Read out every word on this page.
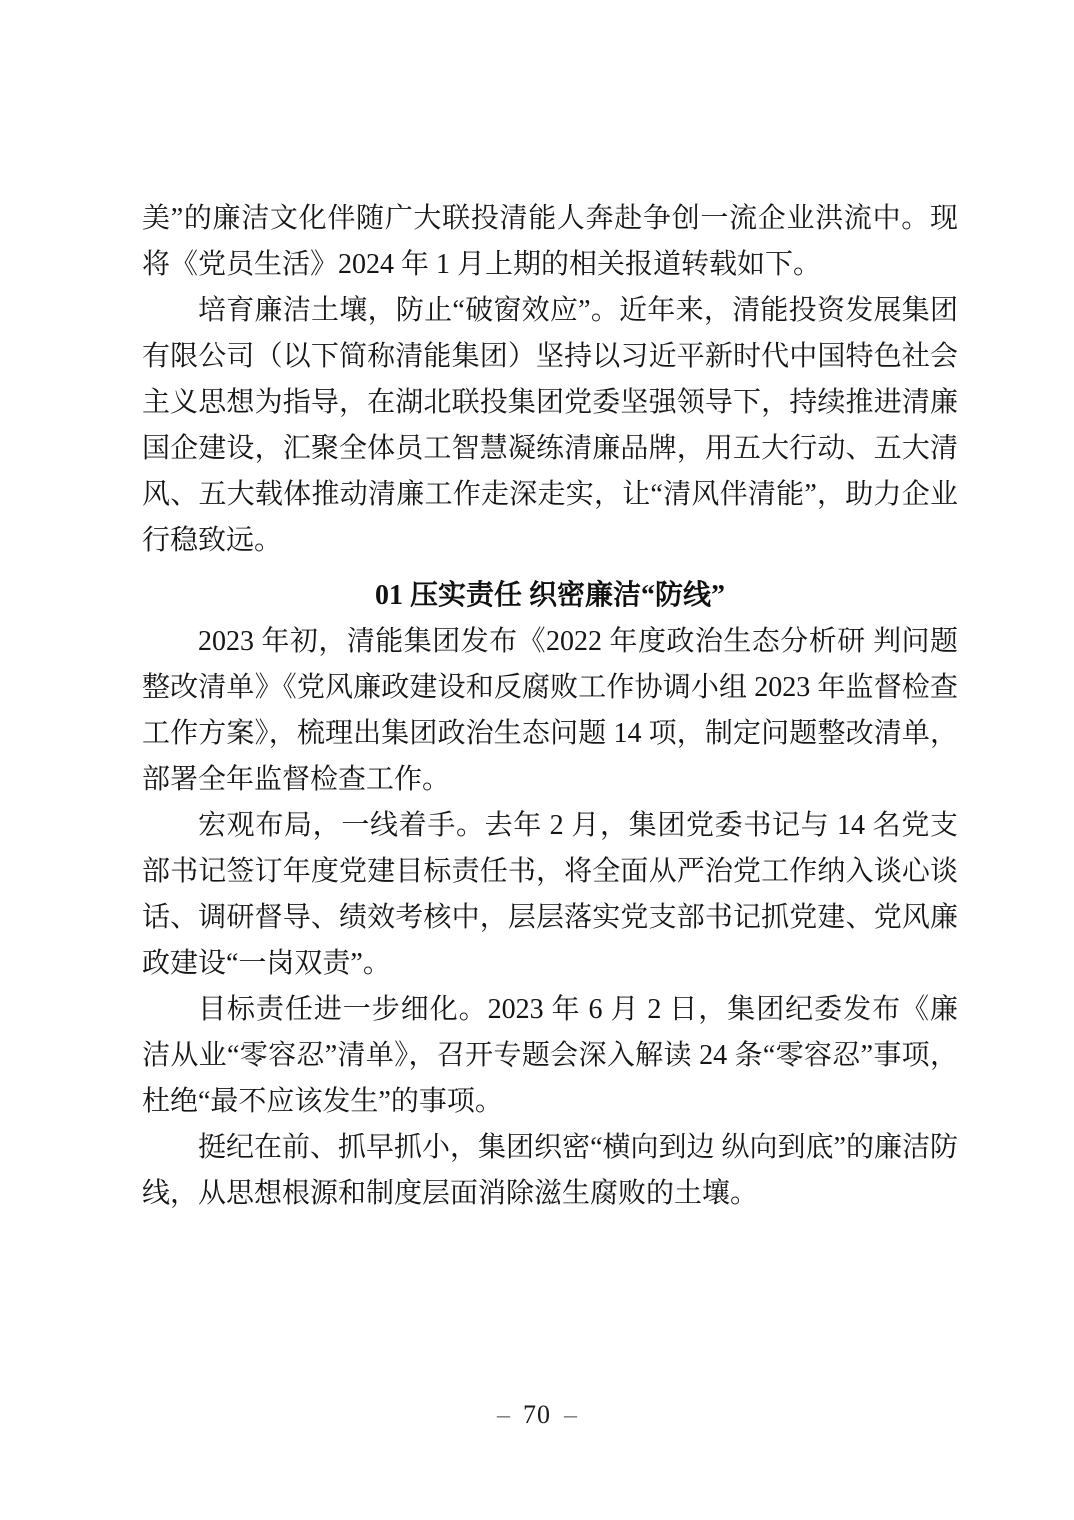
美”的廉洁文化伴随广大联投清能人奔赴争创一流企业洪流中。现将《党员生活》2024 年 1 月上期的相关报道转载如下。

培育廉洁土壤，防止“破窗效应”。近年来，清能投资发展集团有限公司（以下简称清能集团）坚持以习近平新时代中国特色社会主义思想为指导，在湖北联投集团党委坚强领导下，持续推进清廉国企建设，汇聚全体员工智慧凝练清廉品牌，用五大行动、五大清风、五大载体推动清廉工作走深走实，让“清风伴清能”，助力企业行稳致远。

01 压实责任 织密廉洁“防线”

2023 年初，清能集团发布《2022 年度政治生态分析研 判问题整改清单》《党风廉政建设和反腐败工作协调小组 2023 年监督检查工作方案》，梳理出集团政治生态问题 14 项，制定问题整改清单，部署全年监督检查工作。

宏观布局，一线着手。去年 2 月，集团党委书记与 14 名党支部书记签订年度党建目标责任书，将全面从严治党工作纳入谈心谈话、调研督导、绩效考核中，层层落实党支部书记抓党建、党风廉政建设“一岗双责”。

目标责任进一步细化。2023 年 6 月 2 日，集团纪委发布《廉洁从业“零容忍”清单》，召开专题会深入解读 24 条“零容忍”事项，杜绝“最不应该发生”的事项。

挺纪在前、抓早抓小，集团织密“横向到边 纵向到底”的廉洁防线，从思想根源和制度层面消除滋生腐败的土壤。

– 70 –
